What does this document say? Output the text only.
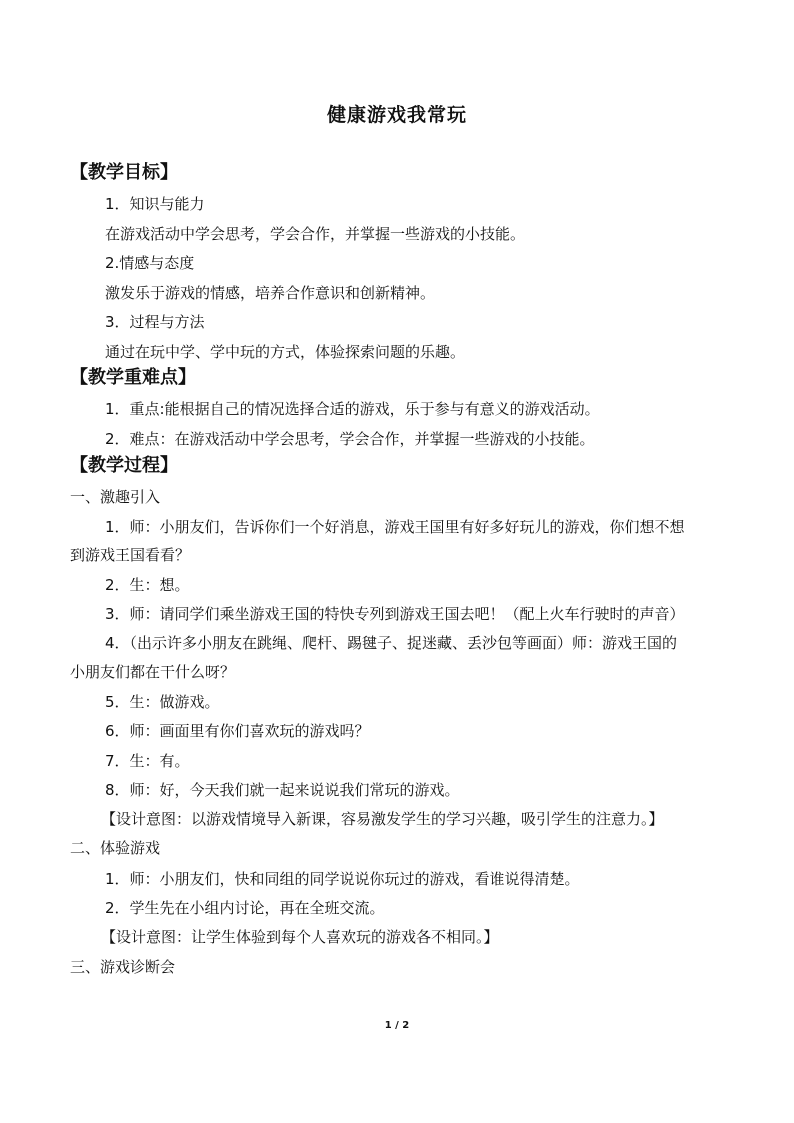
健康游戏我常玩
【教学目标】
1．知识与能力
在游戏活动中学会思考，学会合作，并掌握一些游戏的小技能。
2.情感与态度
激发乐于游戏的情感，培养合作意识和创新精神。
3．过程与方法
通过在玩中学、学中玩的方式，体验探索问题的乐趣。
【教学重难点】
1．重点:能根据自己的情况选择合适的游戏，乐于参与有意义的游戏活动。
2．难点：在游戏活动中学会思考，学会合作，并掌握一些游戏的小技能。
【教学过程】
一、激趣引入
1．师：小朋友们，告诉你们一个好消息，游戏王国里有好多好玩儿的游戏，你们想不想
到游戏王国看看？
2．生：想。
3．师：请同学们乘坐游戏王国的特快专列到游戏王国去吧！（配上火车行驶时的声音）
4．（出示许多小朋友在跳绳、爬杆、踢毽子、捉迷藏、丢沙包等画面）师：游戏王国的
小朋友们都在干什么呀？
5．生：做游戏。
6．师：画面里有你们喜欢玩的游戏吗？
7．生：有。
8．师：好，今天我们就一起来说说我们常玩的游戏。
【设计意图：以游戏情境导入新课，容易激发学生的学习兴趣，吸引学生的注意力。】
二、体验游戏
1．师：小朋友们，快和同组的同学说说你玩过的游戏，看谁说得清楚。
2．学生先在小组内讨论，再在全班交流。
【设计意图：让学生体验到每个人喜欢玩的游戏各不相同。】
三、游戏诊断会
1 / 2
